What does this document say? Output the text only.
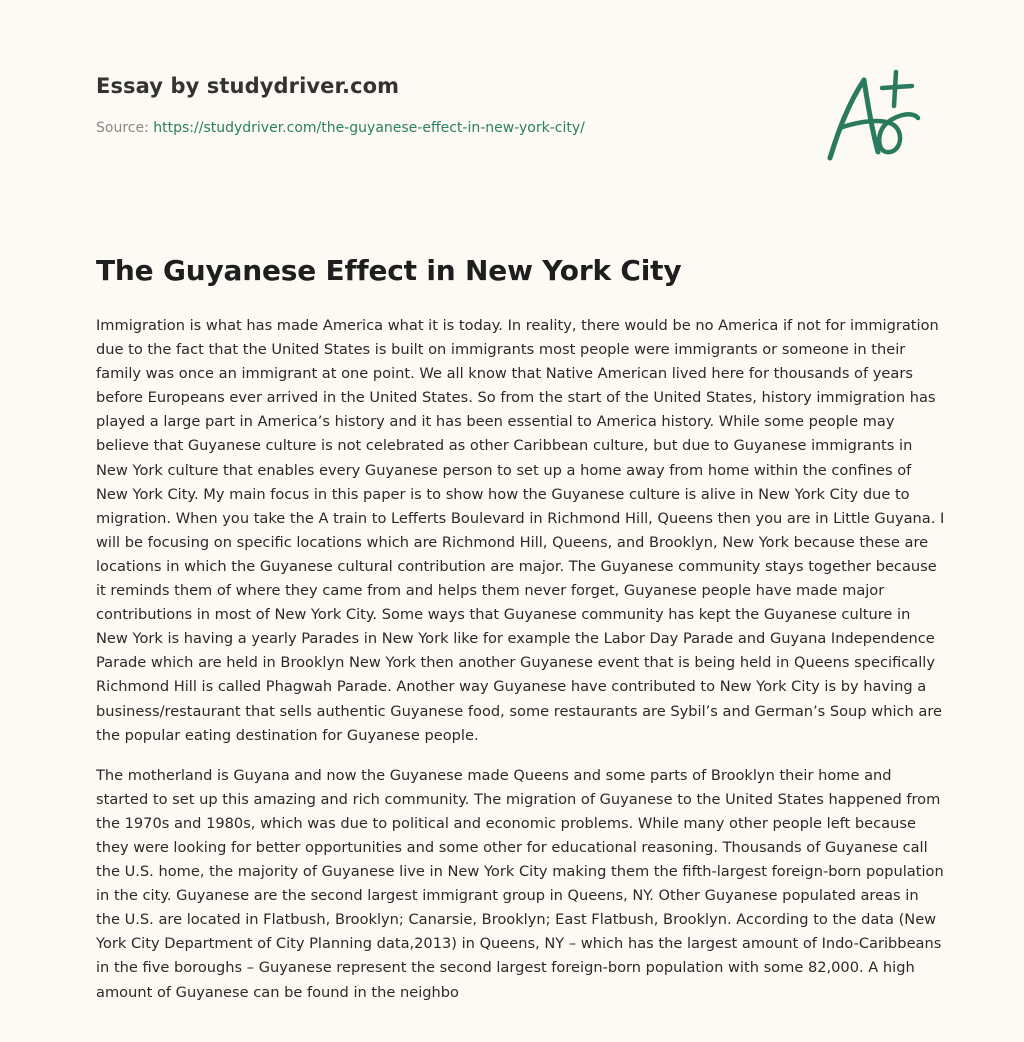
Essay by studydriver.com
Source: https://studydriver.com/the-guyanese-effect-in-new-york-city/
The Guyanese Effect in New York City

Immigration is what has made America what it is today. In reality, there would be no America if not for immigration due to the fact that the United States is built on immigrants most people were immigrants or someone in their family was once an immigrant at one point. We all know that Native American lived here for thousands of years before Europeans ever arrived in the United States. So from the start of the United States, history immigration has played a large part in America’s history and it has been essential to America history. While some people may believe that Guyanese culture is not celebrated as other Caribbean culture, but due to Guyanese immigrants in New York culture that enables every Guyanese person to set up a home away from home within the confines of New York City. My main focus in this paper is to show how the Guyanese culture is alive in New York City due to migration. When you take the A train to Lefferts Boulevard in Richmond Hill, Queens then you are in Little Guyana. I will be focusing on specific locations which are Richmond Hill, Queens, and Brooklyn, New York because these are locations in which the Guyanese cultural contribution are major. The Guyanese community stays together because it reminds them of where they came from and helps them never forget, Guyanese people have made major contributions in most of New York City. Some ways that Guyanese community has kept the Guyanese culture in New York is having a yearly Parades in New York like for example the Labor Day Parade and Guyana Independence Parade which are held in Brooklyn New York then another Guyanese event that is being held in Queens specifically Richmond Hill is called Phagwah Parade. Another way Guyanese have contributed to New York City is by having a business/restaurant that sells authentic Guyanese food, some restaurants are Sybil’s and German’s Soup which are the popular eating destination for Guyanese people.

The motherland is Guyana and now the Guyanese made Queens and some parts of Brooklyn their home and started to set up this amazing and rich community. The migration of Guyanese to the United States happened from the 1970s and 1980s, which was due to political and economic problems. While many other people left because they were looking for better opportunities and some other for educational reasoning. Thousands of Guyanese call the U.S. home, the majority of Guyanese live in New York City making them the fifth-largest foreign-born population in the city. Guyanese are the second largest immigrant group in Queens, NY. Other Guyanese populated areas in the U.S. are located in Flatbush, Brooklyn; Canarsie, Brooklyn; East Flatbush, Brooklyn. According to the data (New York City Department of City Planning data,2013) in Queens, NY – which has the largest amount of Indo-Caribbeans in the five boroughs – Guyanese represent the second largest foreign-born population with some 82,000. A high amount of Guyanese can be found in the neighbo
